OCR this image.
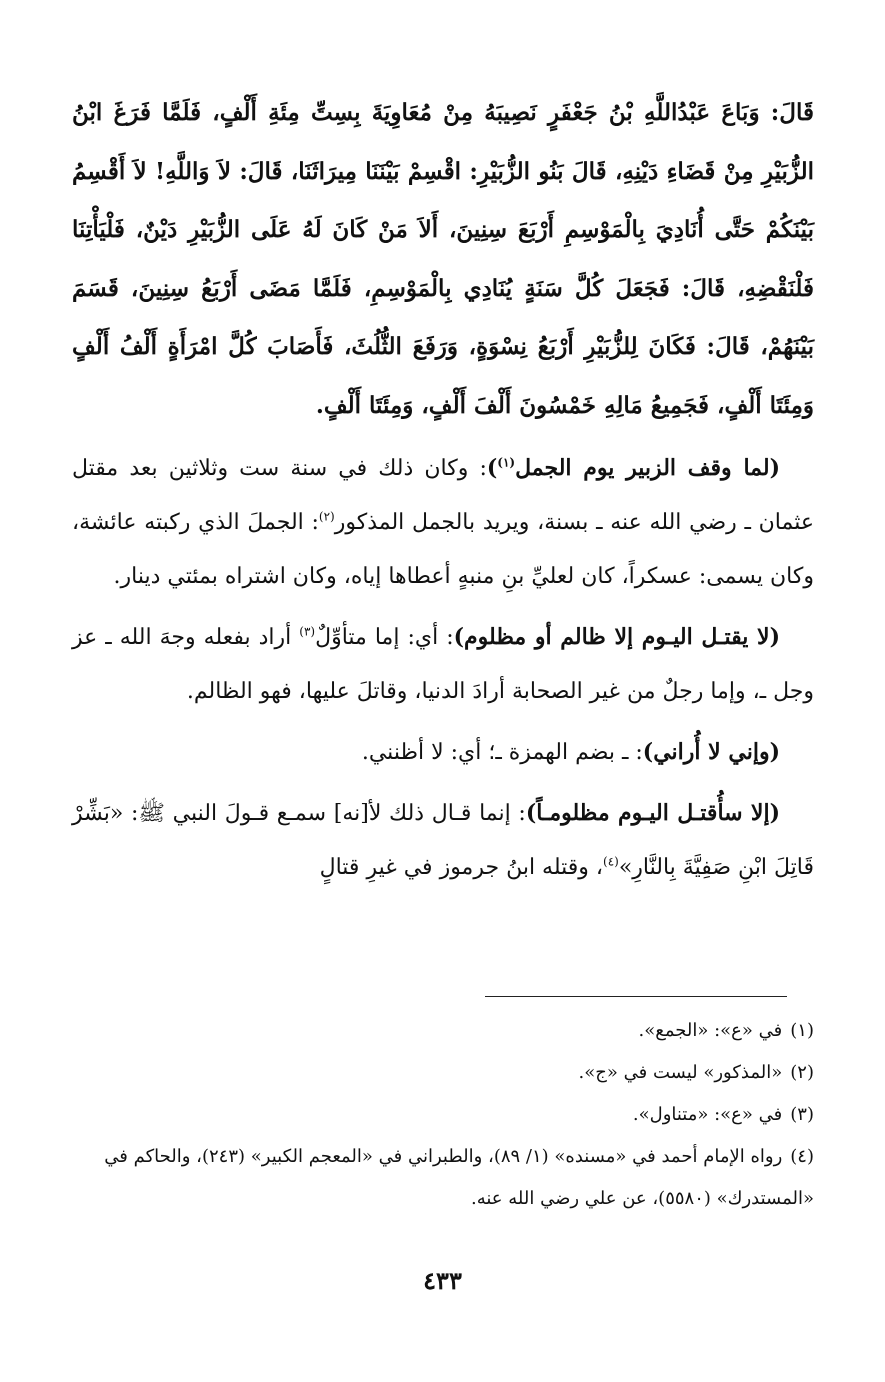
قَالَ: وَبَاعَ عَبْدُاللَّهِ بْنُ جَعْفَرٍ نَصِيبَهُ مِنْ مُعَاوِيَةَ بِسِتِّ مِئَةِ أَلْفٍ، فَلَمَّا فَرَغَ ابْنُ الزُّبَيْرِ مِنْ قَضَاءِ دَيْنِهِ، قَالَ بَنُو الزُّبَيْرِ: اقْسِمْ بَيْنَنَا مِيرَاثَنَا، قَالَ: لاَ وَاللَّهِ! لاَ أَقْسِمُ بَيْنَكُمْ حَتَّى أُنَادِيَ بِالْمَوْسِمِ أَرْبَعَ سِنِينَ، أَلاَ مَنْ كَانَ لَهُ عَلَى الزُّبَيْرِ دَيْنٌ، فَلْيَأْتِنَا فَلْنَقْضِهِ، قَالَ: فَجَعَلَ كُلَّ سَنَةٍ يُنَادِي بِالْمَوْسِمِ، فَلَمَّا مَضَى أَرْبَعُ سِنِينَ، قَسَمَ بَيْنَهُمْ، قَالَ: فَكَانَ لِلزُّبَيْرِ أَرْبَعُ نِسْوَةٍ، وَرَفَعَ الثُّلُثَ، فَأَصَابَ كُلَّ امْرَأَةٍ أَلْفُ أَلْفٍ وَمِئَتَا أَلْفٍ، فَجَمِيعُ مَالِهِ خَمْسُونَ أَلْفَ أَلْفٍ، وَمِئَتَا أَلْفٍ.

(لما وقف الزبير يوم الجمل$^{(١)}$): وكان ذلك في سنة ست وثلاثين بعد مقتل عثمان ـ رضي الله عنه ـ بسنة، ويريد بالجمل المذكور$^{(٢)}$: الجملَ الذي ركبته عائشة، وكان يسمى: عسكراً، كان لعليِّ بنِ منبهٍ أعطاها إياه، وكان اشتراه بمئتي دينار.

(لا يقتـل اليـوم إلا ظالم أو مظلوم): أي: إما متأوِّلٌ$^{(٣)}$ أراد بفعله وجهَ الله ـ عز وجل ـ، وإما رجلٌ من غير الصحابة أرادَ الدنيا، وقاتلَ عليها، فهو الظالم.

(وإني لا أُراني): ـ بضم الهمزة ـ؛ أي: لا أظنني.

(إلا سأُقتـل اليـوم مظلومـاً): إنما قـال ذلك لأ[نه] سمـع قـولَ النبي ﷺ: «بَشِّرْ قَاتِلَ ابْنِ صَفِيَّةَ بِالنَّارِ»$^{(٤)}$، وقتله ابنُ جرموز في غيرِ قتالٍ

(١)في «ع»: «الجمع».

(٢)«المذكور» ليست في «ج».

(٣)في «ع»: «متناول».

(٤)رواه الإمام أحمد في «مسنده» (١/ ٨٩)، والطبراني في «المعجم الكبير» (٢٤٣)، والحاكم في «المستدرك» (٥٥٨٠)، عن علي رضي الله عنه.

٤٣٣
